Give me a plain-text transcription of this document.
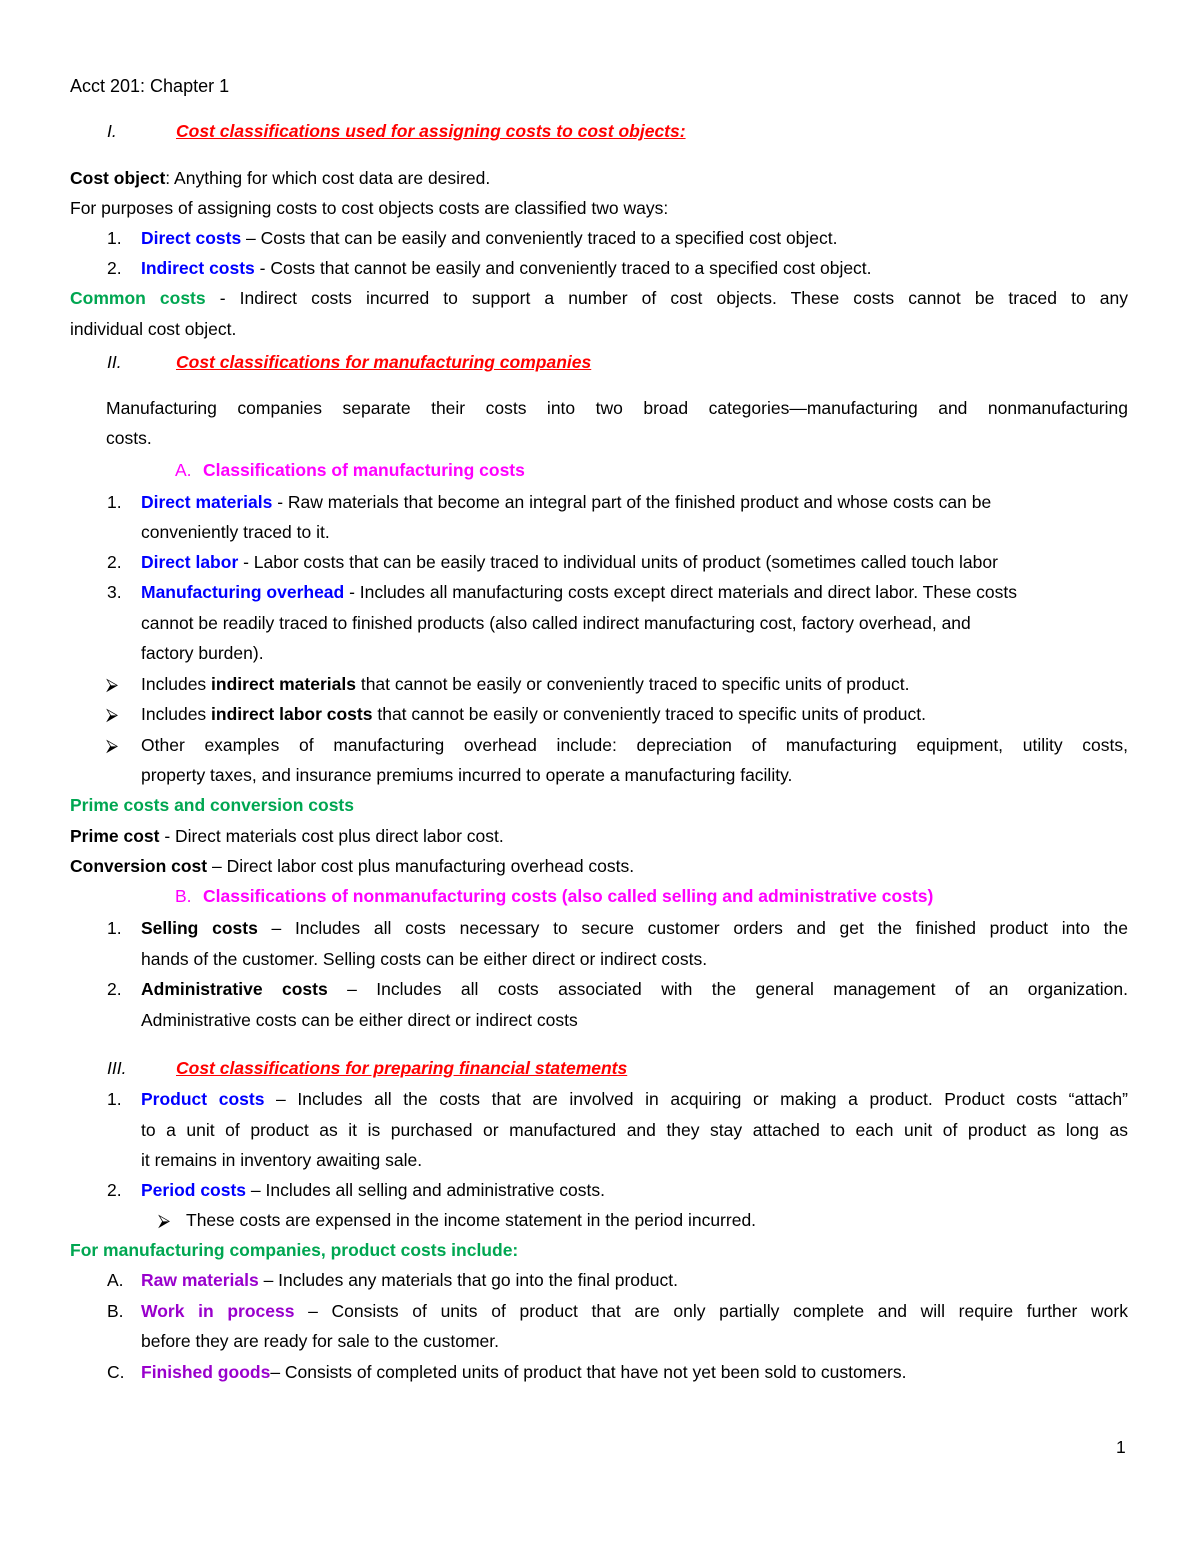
Acct 201: Chapter 1
I.	Cost classifications used for assigning costs to cost objects:
Cost object: Anything for which cost data are desired.
For purposes of assigning costs to cost objects costs are classified two ways:
1. Direct costs – Costs that can be easily and conveniently traced to a specified cost object.
2. Indirect costs - Costs that cannot be easily and conveniently traced to a specified cost object.
Common costs - Indirect costs incurred to support a number of cost objects. These costs cannot be traced to any
individual cost object.
II.	Cost classifications for manufacturing companies
Manufacturing companies separate their costs into two broad categories—manufacturing and nonmanufacturing
costs.
A. Classifications of manufacturing costs
1. Direct materials - Raw materials that become an integral part of the finished product and whose costs can be
conveniently traced to it.
2. Direct labor - Labor costs that can be easily traced to individual units of product (sometimes called touch labor
3. Manufacturing overhead - Includes all manufacturing costs except direct materials and direct labor. These costs
cannot be readily traced to finished products (also called indirect manufacturing cost, factory overhead, and
factory burden).
⮚ Includes indirect materials that cannot be easily or conveniently traced to specific units of product.
⮚ Includes indirect labor costs that cannot be easily or conveniently traced to specific units of product.
⮚ Other examples of manufacturing overhead include: depreciation of manufacturing equipment, utility costs,
property taxes, and insurance premiums incurred to operate a manufacturing facility.
Prime costs and conversion costs
Prime cost - Direct materials cost plus direct labor cost.
Conversion cost – Direct labor cost plus manufacturing overhead costs.
B. Classifications of nonmanufacturing costs (also called selling and administrative costs)
1. Selling costs – Includes all costs necessary to secure customer orders and get the finished product into the
hands of the customer. Selling costs can be either direct or indirect costs.
2. Administrative costs – Includes all costs associated with the general management of an organization.
Administrative costs can be either direct or indirect costs
III.	Cost classifications for preparing financial statements
1. Product costs – Includes all the costs that are involved in acquiring or making a product. Product costs “attach”
to a unit of product as it is purchased or manufactured and they stay attached to each unit of product as long as
it remains in inventory awaiting sale.
2. Period costs – Includes all selling and administrative costs.
⮚ These costs are expensed in the income statement in the period incurred.
For manufacturing companies, product costs include:
A. Raw materials – Includes any materials that go into the final product.
B. Work in process – Consists of units of product that are only partially complete and will require further work
before they are ready for sale to the customer.
C. Finished goods– Consists of completed units of product that have not yet been sold to customers.
1
